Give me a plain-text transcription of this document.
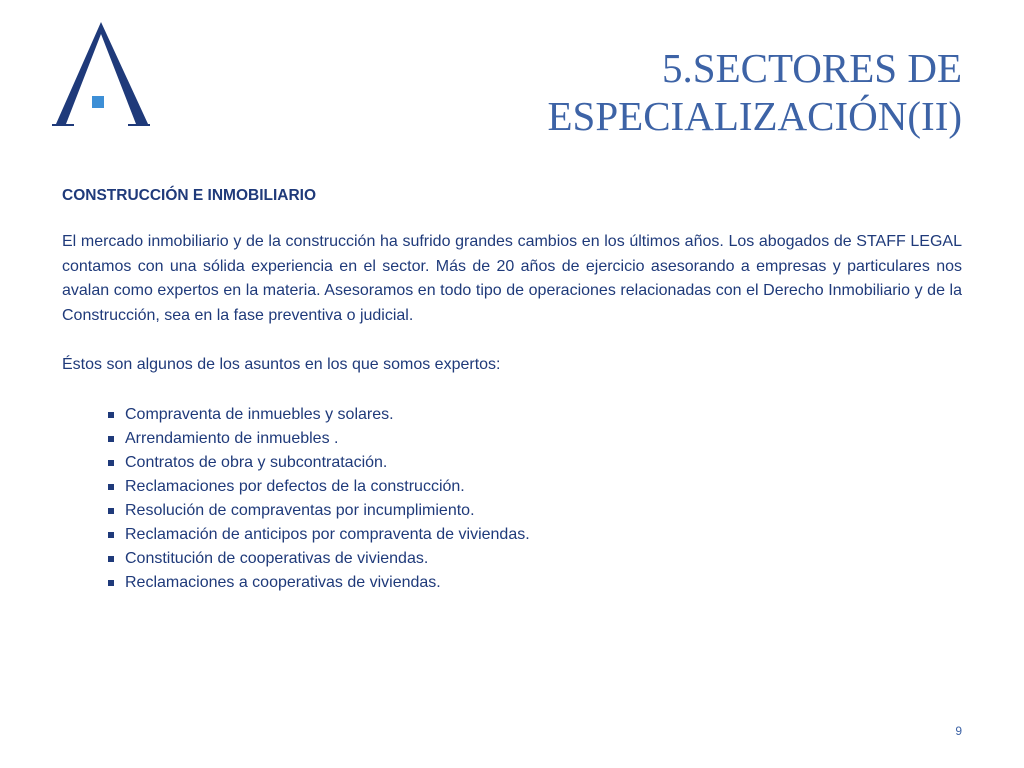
5.SECTORES DE
ESPECIALIZACIÓN(II)
CONSTRUCCIÓN E INMOBILIARIO
El mercado inmobiliario y de la construcción ha sufrido grandes cambios en los últimos años. Los abogados de STAFF LEGAL contamos con una sólida experiencia en el sector. Más de 20 años de ejercicio asesorando a empresas y particulares nos avalan como expertos en la materia. Asesoramos en todo tipo de operaciones relacionadas con el Derecho Inmobiliario y de la Construcción, sea en la fase preventiva o judicial.
Éstos son algunos de los asuntos en los que somos expertos:
Compraventa de inmuebles y solares.
Arrendamiento de inmuebles .
Contratos de obra y subcontratación.
Reclamaciones por defectos de la construcción.
Resolución de compraventas por incumplimiento.
Reclamación de anticipos por compraventa de viviendas.
Constitución de cooperativas de viviendas.
Reclamaciones a cooperativas de viviendas.
9
